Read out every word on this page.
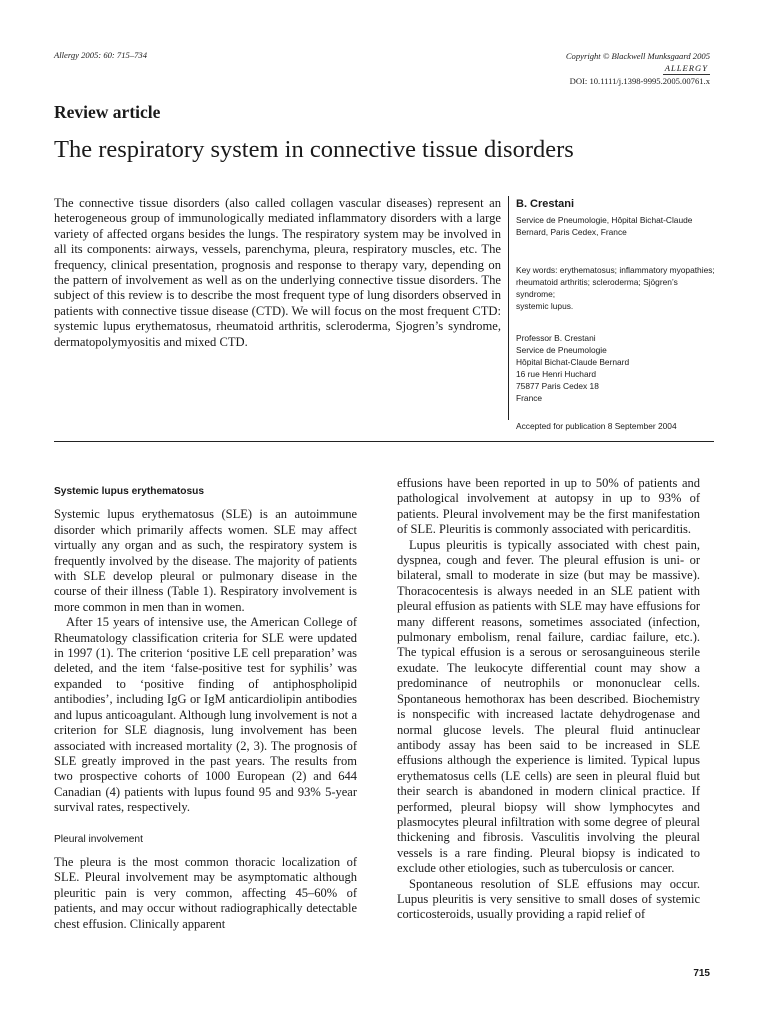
Allergy 2005: 60: 715–734	Copyright © Blackwell Munksgaard 2005
ALLERGY
DOI: 10.1111/j.1398-9995.2005.00761.x
Review article
The respiratory system in connective tissue disorders
The connective tissue disorders (also called collagen vascular diseases) represent an heterogeneous group of immunologically mediated inflammatory disorders with a large variety of affected organs besides the lungs. The respiratory system may be involved in all its components: airways, vessels, parenchyma, pleura, respiratory muscles, etc. The frequency, clinical presentation, prognosis and response to therapy vary, depending on the pattern of involvement as well as on the underlying connective tissue disorders. The subject of this review is to describe the most frequent type of lung disorders observed in patients with connective tissue disease (CTD). We will focus on the most frequent CTD: systemic lupus erythematosus, rheumatoid arthritis, scleroderma, Sjogren’s syndrome, dermatopolymyositis and mixed CTD.
B. Crestani

Service de Pneumologie, Hôpital Bichat-Claude

Bernard, Paris Cedex, France

Key words: erythematosus; inflammatory myopathies;

rheumatoid arthritis; scleroderma; Sjögren’s syndrome;

systemic lupus.

Professor B. Crestani

Service de Pneumologie

Hôpital Bichat-Claude Bernard

16 rue Henri Huchard

75877 Paris Cedex 18

France

Accepted for publication 8 September 2004
Systemic lupus erythematosus

Systemic lupus erythematosus (SLE) is an autoimmune disorder which primarily affects women. SLE may affect virtually any organ and as such, the respiratory system is frequently involved by the disease. The majority of patients with SLE develop pleural or pulmonary disease in the course of their illness (Table 1). Respiratory involvement is more common in men than in women.

After 15 years of intensive use, the American College of Rheumatology classification criteria for SLE were updated in 1997 (1). The criterion ‘positive LE cell preparation’ was deleted, and the item ‘false-positive test for syphilis’ was expanded to ‘positive finding of antiphospholipid antibodies’, including IgG or IgM anticardiolipin antibodies and lupus anticoagulant. Although lung involvement is not a criterion for SLE diagnosis, lung involvement has been associated with increased mortality (2, 3). The prognosis of SLE greatly improved in the past years. The results from two prospective cohorts of 1000 European (2) and 644 Canadian (4) patients with lupus found 95 and 93% 5-year survival rates, respectively.

Pleural involvement

The pleura is the most common thoracic localization of SLE. Pleural involvement may be asymptomatic although pleuritic pain is very common, affecting 45–60% of patients, and may occur without radiographically detectable chest effusion. Clinically apparent

effusions have been reported in up to 50% of patients and pathological involvement at autopsy in up to 93% of patients. Pleural involvement may be the first manifestation of SLE. Pleuritis is commonly associated with pericarditis.

Lupus pleuritis is typically associated with chest pain, dyspnea, cough and fever. The pleural effusion is uni- or bilateral, small to moderate in size (but may be massive). Thoracocentesis is always needed in an SLE patient with pleural effusion as patients with SLE may have effusions for many different reasons, sometimes associated (infection, pulmonary embolism, renal failure, cardiac failure, etc.). The typical effusion is a serous or serosanguineous sterile exudate. The leukocyte differential count may show a predominance of neutrophils or mononuclear cells. Spontaneous hemothorax has been described. Biochemistry is nonspecific with increased lactate dehydrogenase and normal glucose levels. The pleural fluid antinuclear antibody assay has been said to be increased in SLE effusions although the experience is limited. Typical lupus erythematosus cells (LE cells) are seen in pleural fluid but their search is abandoned in modern clinical practice. If performed, pleural biopsy will show lymphocytes and plasmocytes pleural infiltration with some degree of pleural thickening and fibrosis. Vasculitis involving the pleural vessels is a rare finding. Pleural biopsy is indicated to exclude other etiologies, such as tuberculosis or cancer.

Spontaneous resolution of SLE effusions may occur. Lupus pleuritis is very sensitive to small doses of systemic corticosteroids, usually providing a rapid relief of

715
